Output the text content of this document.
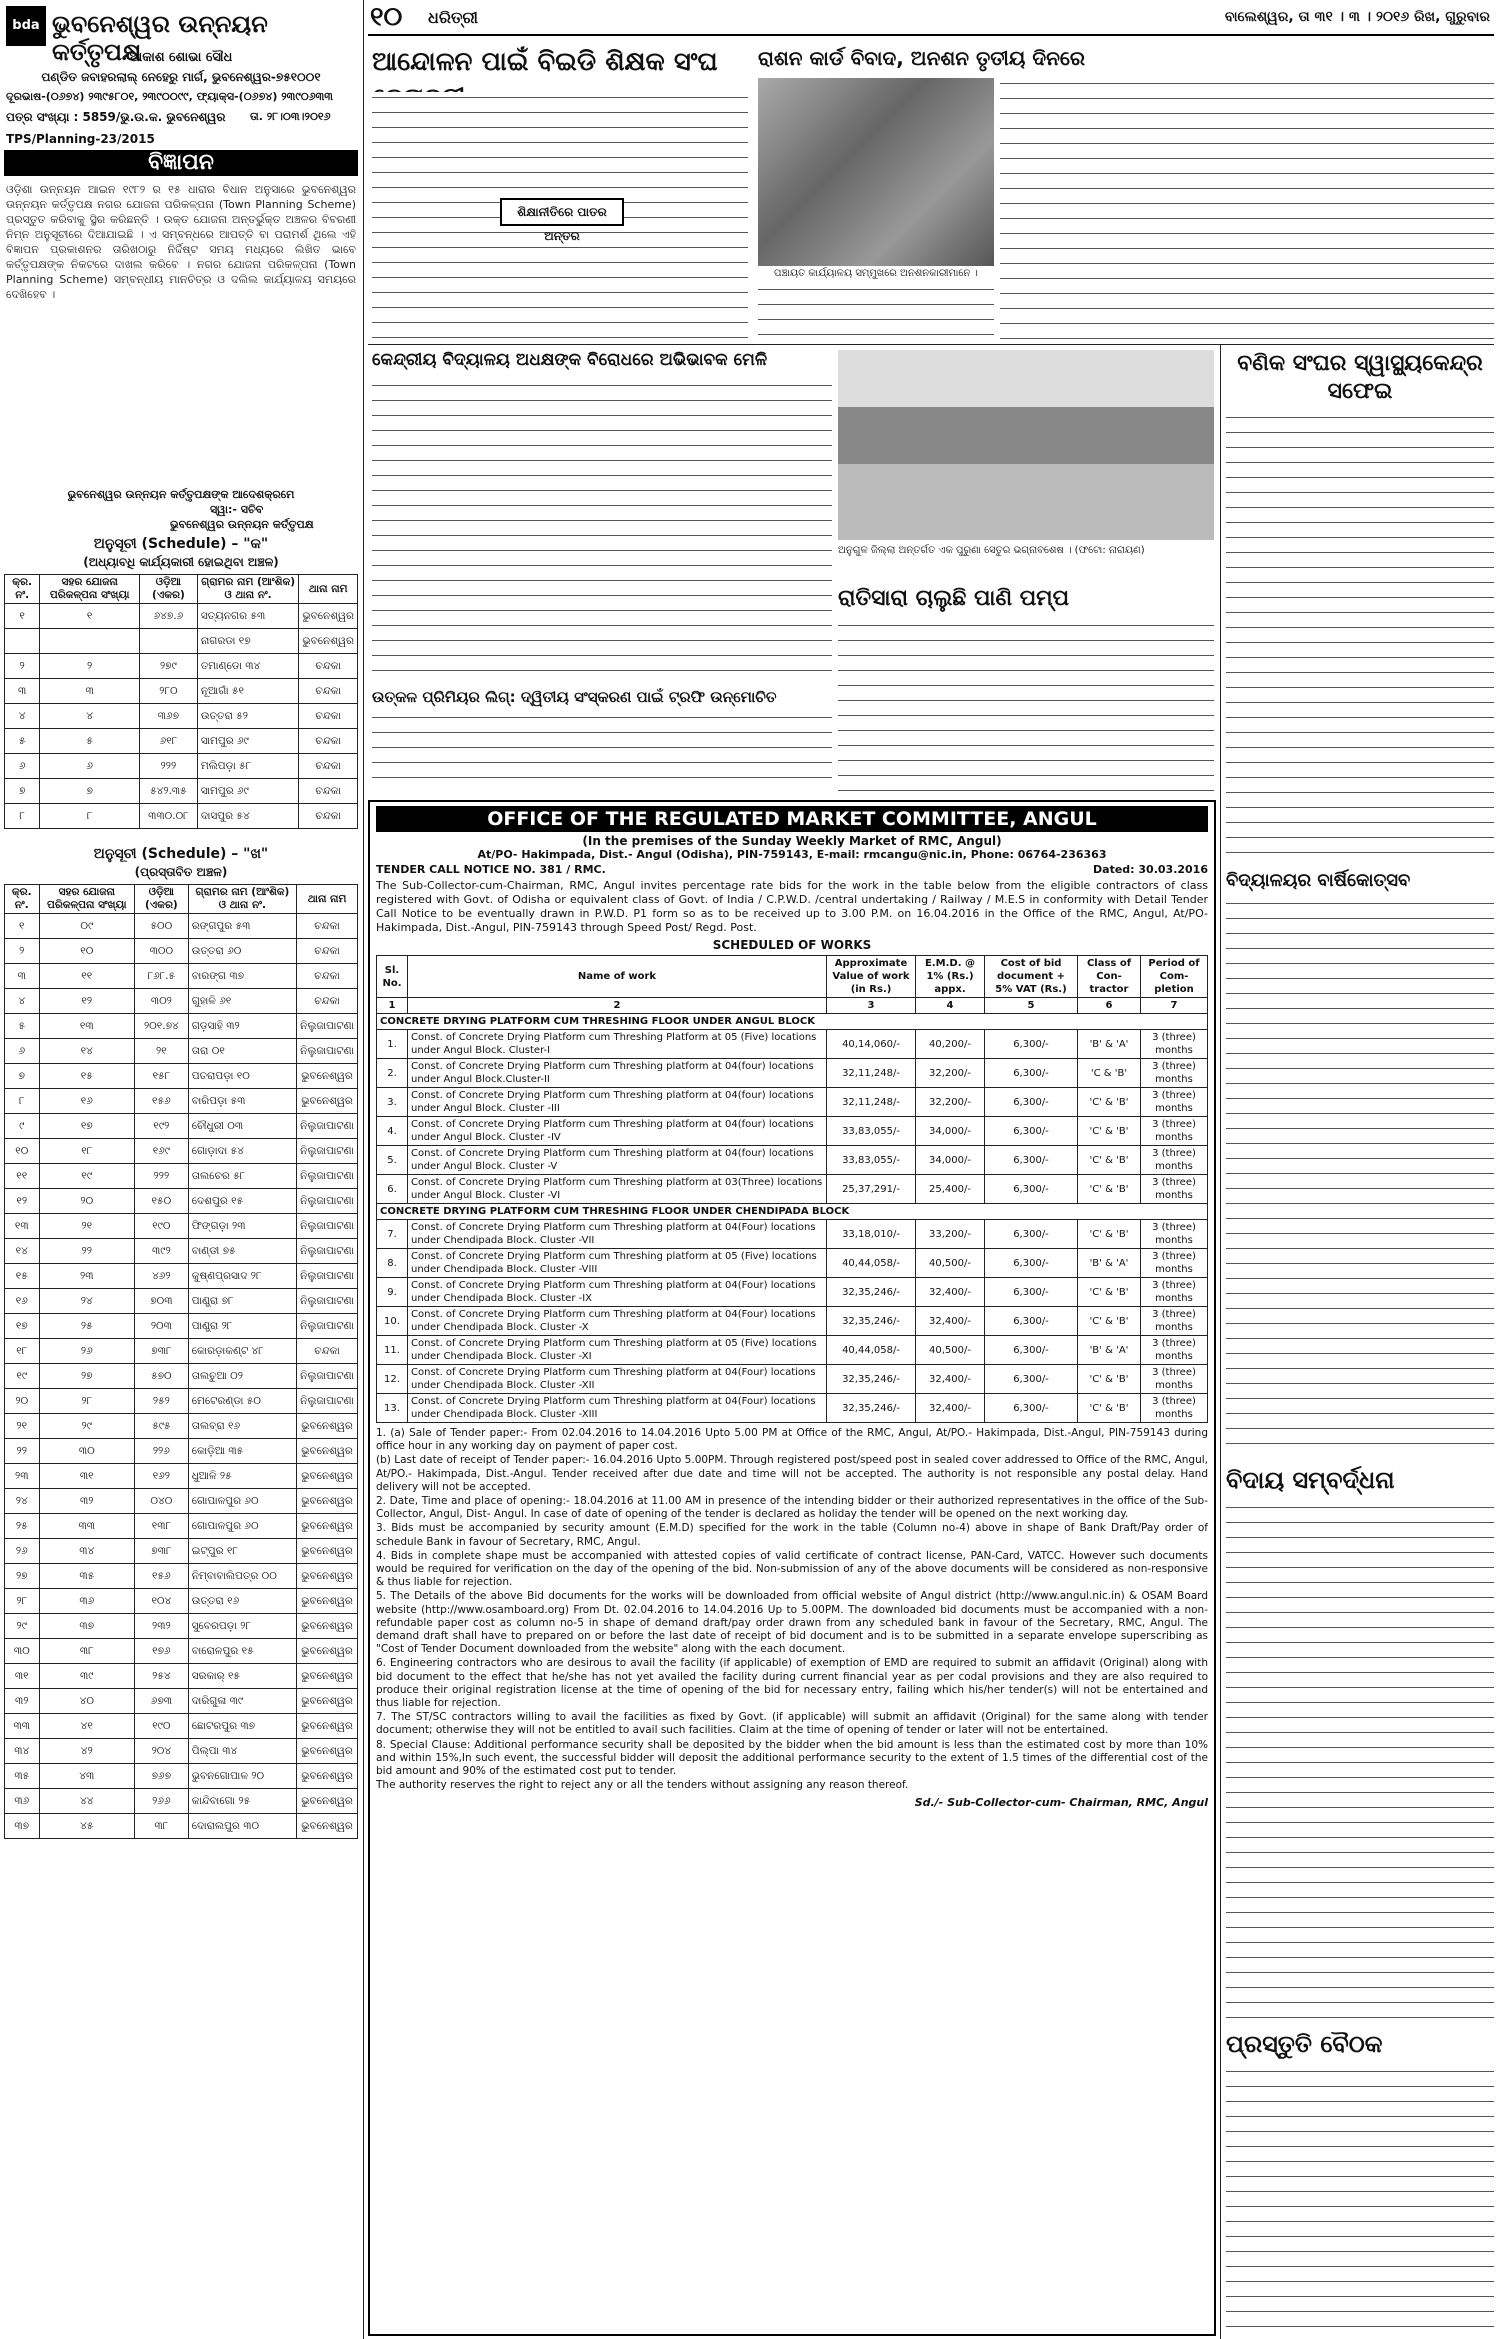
bda ଭୁବନେଶ୍ୱର ଉନ୍ନୟନ କର୍ତ୍ତୃପକ୍ଷ
ଆକାଶ ଶୋଭା ସୌଧ
ପଣ୍ଡିତ ଜବାହରଲାଲ୍ ନେହେରୁ ମାର୍ଗ, ଭୁବନେଶ୍ୱର-୭୫୧୦୦୧
ଦୂରଭାଷ-(୦୬୭୪) ୨୩୯୫୮୦୧, ୨୩୯୦୦୯୯, ଫ୍ୟାକ୍ସ-(୦୬୭୪) ୨୩୯୦୬୩୩
ପତ୍ର ସଂଖ୍ୟା : 5859/ଭୁ.ଉ.କ. ଭୁବନେଶ୍ୱର ତା. ୨୮।୦୩।୨୦୧୬
TPS/Planning-23/2015
ବିଜ୍ଞାପନ
ଓଡ଼ିଶା ଉନ୍ନୟନ ଆଇନ ୧୯୮୨ ର ୧୫ ଧାରାର ବିଧାନ ଅନୁସାରେ ଭୁବନେଶ୍ୱର ଉନ୍ନୟନ କର୍ତ୍ତୃପକ୍ଷ ନଗର ଯୋଜନା ପରିକଳ୍ପନା (Town Planning Scheme) ପ୍ରସ୍ତୁତ କରିବାକୁ ସ୍ଥିର କରିଛନ୍ତି । ଉକ୍ତ ଯୋଜନା ଅନ୍ତର୍ଭୁକ୍ତ ଅଞ୍ଚଳର ବିବରଣୀ ନିମ୍ନ ଅନୁସୂଚୀରେ ଦିଆଯାଇଛି । ଏ ସମ୍ବନ୍ଧରେ ଆପତ୍ତି ବା ପରାମର୍ଶ ଥିଲେ ଏହି ବିଜ୍ଞାପନ ପ୍ରକାଶନର ତାରିଖଠାରୁ ନିର୍ଦ୍ଦିଷ୍ଟ ସମୟ ମଧ୍ୟରେ ଲିଖିତ ଭାବେ କର୍ତ୍ତୃପକ୍ଷଙ୍କ ନିକଟରେ ଦାଖଲ କରିବେ । ନଗର ଯୋଜନା ପରିକଳ୍ପନା (Town Planning Scheme) ସମ୍ବନ୍ଧୀୟ ମାନଚିତ୍ର ଓ ଦଲିଲ କାର୍ଯ୍ୟାଳୟ ସମୟରେ ଦେଖିହେବ ।
ଭୁବନେଶ୍ୱର ଉନ୍ନୟନ କର୍ତ୍ତୃପକ୍ଷଙ୍କ ଆଦେଶକ୍ରମେ
ସ୍ୱା:- ସଚିବ
ଭୁବନେଶ୍ୱର ଉନ୍ନୟନ କର୍ତ୍ତୃପକ୍ଷ
ଅନୁସୂଚୀ (Schedule) – "କ"
(ଅଧ୍ୟାବଧି କାର୍ଯ୍ୟକାରୀ ହୋଇଥିବା ଅଞ୍ଚଳ)
କ୍ର. ନଂ.	ସହର ଯୋଜନା ପରିକଳ୍ପନା ସଂଖ୍ୟା	ଓଡ଼ିଆ (ଏକର)	ଗ୍ରାମର ନାମ (ଆଂଶିକ) ଓ ଥାନା ନଂ.	ଥାନା ନାମ
୧	୧	୬୪୭.୬	ସତ୍ୟନଗର ୫୩	ଭୁବନେଶ୍ୱର
			ନାଗରଡା ୧୭	ଭୁବନେଶ୍ୱର
୨	୨	୨୭୯	ତମାଣ୍ଡୋ ୩୪	ଚନ୍ଦକା
୩	୩	୨୮୦	ନୂଆଗାଁ ୫୧	ଚନ୍ଦକା
୪	୪	୩୬୭	ଉତ୍ତରା ୫୨	ଚନ୍ଦକା
୫	୫	୬୧୮	ସାମପୁର ୬୯	ଚନ୍ଦକା
୬	୬	୨୨୨	ମଲିପଡ଼ା ୫୮	ଚନ୍ଦକା
୭	୭	୫୪୨.୩୫	ସାମପୁର ୬୯	ଚନ୍ଦକା
୮	୮	୩୩୦.୦୮	ଦାସପୁର ୫୪	ଚନ୍ଦକା
ଅନୁସୂଚୀ (Schedule) – "ଖ"
(ପ୍ରସ୍ତାବିତ ଅଞ୍ଚଳ)
କ୍ର. ନଂ.	ସହର ଯୋଜନା ପରିକଳ୍ପନା ସଂଖ୍ୟା	ଓଡ଼ିଆ (ଏକର)	ଗ୍ରାମର ନାମ (ଆଂଶିକ) ଓ ଥାନା ନଂ.	ଥାନା ନାମ
୧	୦୯	୫୦୦	ରଙ୍ଗପୁର ୫୩	ଚନ୍ଦକା
୨	୧୦	୩୦୦	ଉତ୍ତରା ୬୦	ଚନ୍ଦକା
୩	୧୧	୮୬୮.୫	ବାରଙ୍ଗ ୩୭	ଚନ୍ଦକା
୪	୧୨	୩୦୨	ଗୁହାଳି ୬୧	ଚନ୍ଦକା
୫	୧୩	୨୦୧.୭୪	ଗଡ଼ସାହି ୩୨	ନିଲୁଜାପାଟଣା
୬	୧୪	୨୧	ତାରା ୦୧	ନିଲୁଜାପାଟଣା
୭	୧୫	୧୫୮	ପତରାପଡ଼ା ୧୦	ଭୁବନେଶ୍ୱର
୮	୧୬	୧୫୬	ବାରିପଡ଼ା ୫୩	ଭୁବନେଶ୍ୱର
୯	୧୭	୧୯୨	ଚୌଧୁରୀ ୦୩	ନିଲୁଜାପାଟଣା
୧୦	୧୮	୧୬୯	ଗୋଡ଼ାଦା ୫୪	ନିଲୁଜାପାଟଣା
୧୧	୧୯	୨୨୨	ତାଲଚେର ୫୮	ନିଲୁଜାପାଟଣା
୧୨	୨୦	୧୫୦	ଦେଶପୁର ୧୫	ନିଲୁଜାପାଟଣା
୧୩	୨୧	୧୯୦	ଫିଙ୍ଗଡ଼ା ୨୩	ନିଲୁଜାପାଟଣା
୧୪	୨୨	୩୯୨	ବାଣ୍ଡୀ ୭୫	ନିଲୁଜାପାଟଣା
୧୫	୨୩	୪୬୨	କୁଷ୍ଣପ୍ରସାଦ ୨୮	ନିଲୁଜାପାଟଣା
୧୬	୨୪	୭୦୩	ପାଣ୍ଡ୍ରା ୭୮	ନିଲୁଜାପାଟଣା
୧୭	୨୫	୨୦୩	ପାଣ୍ଡ୍ରା ୨୮	ନିଲୁଜାପାଟଣା
୧୮	୨୬	୭୩୮	କୋରଡ଼ାକଣ୍ଟ ୪୮	ଚନ୍ଦକା
୧୯	୨୭	୫୭୦	ତାଲଚୁଆ ୦୨	ନିଲୁଜାପାଟଣା
୨୦	୨୮	୨୫୨	ମେଟେରଣ୍ଡା ୫୦	ନିଲୁଜାପାଟଣା
୨୧	୨୯	୫୯୫	ତାଲବ୍ରା ୧୬	ଭୁବନେଶ୍ୱର
୨୨	୩୦	୨୨୬	କୋଡ଼ିଆ ୩୫	ଭୁବନେଶ୍ୱର
୨୩	୩୧	୧୬୨	ଧୁଆଳି ୨୫	ଭୁବନେଶ୍ୱର
୨୪	୩୨	୦୪୦	ଗୋପାଳପୁର ୬୦	ଭୁବନେଶ୍ୱର
୨୫	୩୩	୧୩୮	ଗୋପାଳପୁର ୬୦	ଭୁବନେଶ୍ୱର
୨୬	୩୪	୭୩୮	ଇଟ୍ପୁର ୧୮	ଭୁବନେଶ୍ୱର
୨୭	୩୫	୧୫୬	ନିମ୍ବାବାଲିପତ୍ର ୦୦	ଭୁବନେଶ୍ୱର
୨୮	୩୬	୧୦୪	ଉତ୍ତରା ୧୬	ଭୁବନେଶ୍ୱର
୨୯	୩୭	୨୩୨	ସୁବେରପଡ଼ା ୨୮	ଭୁବନେଶ୍ୱର
୩୦	୩୮	୧୭୬	ବାରୋଳପୁର ୧୫	ଭୁବନେଶ୍ୱର
୩୧	୩୯	୨୫୪	ସରକାର୍ ୧୫	ଭୁବନେଶ୍ୱର
୩୨	୪୦	୬୭୩	ଦାରିଗୁଳା ୩୯	ଭୁବନେଶ୍ୱର
୩୩	୪୧	୧୯୦	ଛୋଟରପୁର ୩୭	ଭୁବନେଶ୍ୱର
୩୪	୪୨	୨୦୪	ପିଲ୍ପା ୩୪	ଭୁବନେଶ୍ୱର
୩୫	୪୩	୭୬୭	ଭୁବନଗୋପାଳ ୨୦	ଭୁବନେଶ୍ୱର
୩୬	୪୪	୨୬୬	କାନ୍ଦିବାଗୋ ୨୫	ଭୁବନେଶ୍ୱର
୩୭	୪୫	୩୮	ଦୋରାଲପୁର ୩୦	ଭୁବନେଶ୍ୱର
୧୦ ଧରିତ୍ରୀ	ବାଲେଶ୍ୱର, ତା ୩୧ । ୩ । ୨୦୧୬ ରିଖ, ଗୁରୁବାର
ଆନ୍ଦୋଳନ ପାଇଁ ବିଇଡି ଶିକ୍ଷକ ସଂଘ
ଶିକ୍ଷାନୀତିରେ ପାତର ଅନ୍ତର
ରାଶନ କାର୍ଡ ବିବାଦ, ଅନଶନ ତୃତୀୟ ଦିନରେ
ପଞ୍ଚାୟତ କାର୍ଯ୍ୟାଳୟ ସମ୍ମୁଖରେ ଅନଶନକାରୀମାନେ ।
କେନ୍ଦ୍ରୀୟ ବିଦ୍ୟାଳୟ ଅଧକ୍ଷଙ୍କ ବିରୋଧରେ ଅଭିଭାବକ ମେଳି
ଅନୁଗୁଳ ଜିଲ୍ଲା ଅନ୍ତର୍ଗତ ଏକ ପୁରୁଣା ସେତୁର ଭଗ୍ନାବଶେଷ । (ଫଟୋ: ନାରାୟଣ)
ରାତିସାରା ଚାଲୁଛି ପାଣି ପମ୍ପ
ଉତ୍କଳ ପ୍ରିମିୟର ଲିଗ୍: ଦ୍ୱିତୀୟ ସଂସ୍କରଣ ପାଇଁ ଟ୍ରଫି ଉନ୍ମୋଚିତ
ବଣିକ ସଂଘର ସ୍ୱାସ୍ଥ୍ୟକେନ୍ଦ୍ର ସଫେଇ
ବିଦ୍ୟାଳୟର ବାର୍ଷିକୋତ୍ସବ
ବିଦାୟ ସମ୍ବର୍ଦ୍ଧନା
ପ୍ରସ୍ତୁତି ବୈଠକ
OFFICE OF THE REGULATED MARKET COMMITTEE, ANGUL
(In the premises of the Sunday Weekly Market of RMC, Angul)
At/PO- Hakimpada, Dist.- Angul (Odisha), PIN-759143, E-mail: rmcangu@nic.in, Phone: 06764-236363
TENDER CALL NOTICE NO. 381 / RMC.	Dated: 30.03.2016
The Sub-Collector-cum-Chairman, RMC, Angul invites percentage rate bids for the work in the table below from the eligible contractors of class registered with Govt. of Odisha or equivalent class of Govt. of India / C.P.W.D. /central undertaking / Railway / M.E.S in conformity with Detail Tender Call Notice to be eventually drawn in P.W.D. P1 form so as to be received up to 3.00 P.M. on 16.04.2016 in the Office of the RMC, Angul, At/PO- Hakimpada, Dist.-Angul, PIN-759143 through Speed Post/ Regd. Post.
SCHEDULED OF WORKS
Sl. No.	Name of work	Approximate Value of work (in Rs.)	E.M.D. @ 1% (Rs.) appx.	Cost of bid document + 5% VAT (Rs.)	Class of Con-tractor	Period of Com-pletion
1	2	3	4	5	6	7
CONCRETE DRYING PLATFORM CUM THRESHING FLOOR UNDER ANGUL BLOCK						
1.	Const. of Concrete Drying Platform cum Threshing Platform at 05 (Five) locations under Angul Block. Cluster-I	40,14,060/-	40,200/-	6,300/-	'B' & 'A'	3 (three) months
2.	Const. of Concrete Drying Platform cum Threshing platform at 04(four) locations under Angul Block.Cluster-II	32,11,248/-	32,200/-	6,300/-	'C & 'B'	3 (three) months
3.	Const. of Concrete Drying Platform cum Threshing platform at 04(four) locations under Angul Block. Cluster -III	32,11,248/-	32,200/-	6,300/-	'C' & 'B'	3 (three) months
4.	Const. of Concrete Drying Platform cum Threshing platform at 04(four) locations under Angul Block. Cluster -IV	33,83,055/-	34,000/-	6,300/-	'C' & 'B'	3 (three) months
5.	Const. of Concrete Drying Platform cum Threshing platform at 04(four) locations under Angul Block. Cluster -V	33,83,055/-	34,000/-	6,300/-	'C' & 'B'	3 (three) months
6.	Const. of Concrete Drying Platform cum Threshing platform at 03(Three) locations under Angul Block. Cluster -VI	25,37,291/-	25,400/-	6,300/-	'C' & 'B'	3 (three) months
CONCRETE DRYING PLATFORM CUM THRESHING FLOOR UNDER CHENDIPADA BLOCK						
7.	Const. of Concrete Drying Platform cum Threshing platform at 04(Four) locations under Chendipada Block. Cluster -VII	33,18,010/-	33,200/-	6,300/-	'C' & 'B'	3 (three) months
8.	Const. of Concrete Drying Platform cum Threshing platform at 05 (Five) locations under Chendipada Block. Cluster -VIII	40,44,058/-	40,500/-	6,300/-	'B' & 'A'	3 (three) months
9.	Const. of Concrete Drying Platform cum Threshing platform at 04(Four) locations under Chendipada Block. Cluster -IX	32,35,246/-	32,400/-	6,300/-	'C' & 'B'	3 (three) months
10.	Const. of Concrete Drying Platform cum Threshing platform at 04(Four) locations under Chendipada Block. Cluster -X	32,35,246/-	32,400/-	6,300/-	'C' & 'B'	3 (three) months
11.	Const. of Concrete Drying Platform cum Threshing platform at 05 (Five) locations under Chendipada Block. Cluster -XI	40,44,058/-	40,500/-	6,300/-	'B' & 'A'	3 (three) months
12.	Const. of Concrete Drying Platform cum Threshing platform at 04(Four) locations under Chendipada Block. Cluster -XII	32,35,246/-	32,400/-	6,300/-	'C' & 'B'	3 (three) months
13.	Const. of Concrete Drying Platform cum Threshing platform at 04(Four) locations under Chendipada Block. Cluster -XIII	32,35,246/-	32,400/-	6,300/-	'C' & 'B'	3 (three) months
1. (a) Sale of Tender paper:- From 02.04.2016 to 14.04.2016 Upto 5.00 PM at Office of the RMC, Angul, At/PO.- Hakimpada, Dist.-Angul, PIN-759143 during office hour in any working day on payment of paper cost.
(b) Last date of receipt of Tender paper:- 16.04.2016 Upto 5.00PM. Through registered post/speed post in sealed cover addressed to Office of the RMC, Angul, At/PO.- Hakimpada, Dist.-Angul. Tender received after due date and time will not be accepted. The authority is not responsible any postal delay. Hand delivery will not be accepted.
2. Date, Time and place of opening:- 18.04.2016 at 11.00 AM in presence of the intending bidder or their authorized representatives in the office of the Sub-Collector, Angul, Dist- Angul. In case of date of opening of the tender is declared as holiday the tender will be opened on the next working day.
3. Bids must be accompanied by security amount (E.M.D) specified for the work in the table (Column no-4) above in shape of Bank Draft/Pay order of schedule Bank in favour of Secretary, RMC, Angul.
4. Bids in complete shape must be accompanied with attested copies of valid certificate of contract license, PAN-Card, VATCC. However such documents would be required for verification on the day of the opening of the bid. Non-submission of any of the above documents will be considered as non-responsive & thus liable for rejection.
5. The Details of the above Bid documents for the works will be downloaded from official website of Angul district (http://www.angul.nic.in) & OSAM Board website (http://www.osamboard.org) From Dt. 02.04.2016 to 14.04.2016 Up to 5.00PM. The downloaded bid documents must be accompanied with a non-refundable paper cost as column no-5 in shape of demand draft/pay order drawn from any scheduled bank in favour of the Secretary, RMC, Angul. The demand draft shall have to prepared on or before the last date of receipt of bid document and is to be submitted in a separate envelope superscribing as "Cost of Tender Document downloaded from the website" along with the each document.
6. Engineering contractors who are desirous to avail the facility (if applicable) of exemption of EMD are required to submit an affidavit (Original) along with bid document to the effect that he/she has not yet availed the facility during current financial year as per codal provisions and they are also required to produce their original registration license at the time of opening of the bid for necessary entry, failing which his/her tender(s) will not be entertained and thus liable for rejection.
7. The ST/SC contractors willing to avail the facilities as fixed by Govt. (if applicable) will submit an affidavit (Original) for the same along with tender document; otherwise they will not be entitled to avail such facilities. Claim at the time of opening of tender or later will not be entertained.
8. Special Clause: Additional performance security shall be deposited by the bidder when the bid amount is less than the estimated cost by more than 10% and within 15%,In such event, the successful bidder will deposit the additional performance security to the extent of 1.5 times of the differential cost of the bid amount and 90% of the estimated cost put to tender.
The authority reserves the right to reject any or all the tenders without assigning any reason thereof.
Sd./- Sub-Collector-cum- Chairman, RMC, Angul
